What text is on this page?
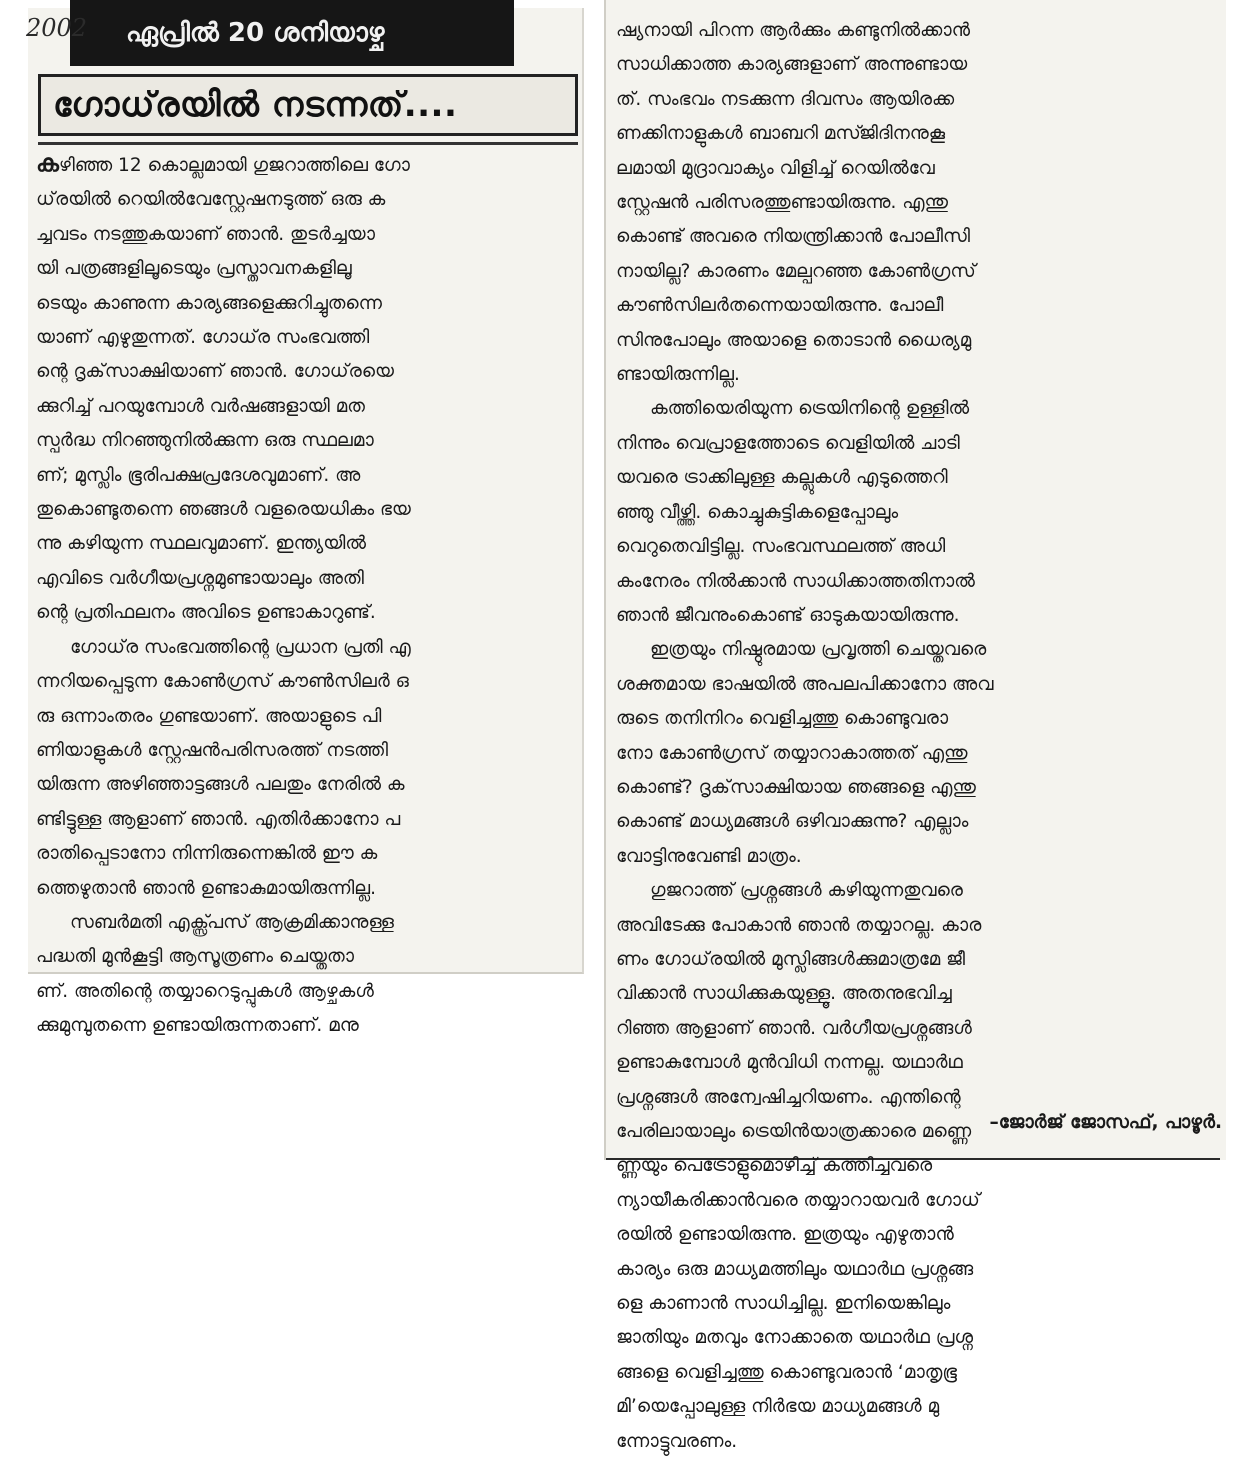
2002 ഏപ്രിൽ 20 ശനിയാഴ്ച
ഗോധ്‌രയിൽ നടന്നത്‌....

കഴിഞ്ഞ 12 കൊല്ലമായി ഗുജറാത്തിലെ ഗോ
ധ്‌രയിൽ റെയിൽവേസ്റ്റേഷനടുത്ത്‌ ഒരു ക
ച്ചവടം നടത്തുകയാണ്‌ ഞാൻ. തുടർച്ചയാ
യി പത്രങ്ങളിലൂടെയും പ്രസ്താവനകളിലൂ
ടെയും കാണുന്ന കാര്യങ്ങളെക്കുറിച്ചുതന്നെ
യാണ്‌ എഴുതുന്നത്‌. ഗോധ്‌ര സംഭവത്തി
ന്റെ ദൃക്‌സാക്ഷിയാണ്‌ ഞാൻ. ഗോധ്‌രയെ
ക്കുറിച്ച്‌ പറയുമ്പോൾ വർഷങ്ങളായി മത
സ്പർദ്ധ നിറഞ്ഞുനിൽക്കുന്ന ഒരു സ്ഥലമാ
ണ്‌; മുസ്ലിം ഭൂരിപക്ഷപ്രദേശവുമാണ്‌. അ
തുകൊണ്ടുതന്നെ ഞങ്ങൾ വളരെയധികം ഭയ
ന്നു കഴിയുന്ന സ്ഥലവുമാണ്‌. ഇന്ത്യയിൽ
എവിടെ വർഗീയപ്രശ്നമുണ്ടായാലും അതി
ന്റെ പ്രതിഫലനം അവിടെ ഉണ്ടാകാറുണ്ട്‌.

ഗോധ്‌ര സംഭവത്തിന്റെ പ്രധാന പ്രതി എ
ന്നറിയപ്പെടുന്ന കോൺഗ്രസ്‌ കൗൺസിലർ ഒ
രു ഒന്നാംതരം ഗുണ്ടയാണ്‌. അയാളുടെ പി
ണിയാളുകൾ സ്റ്റേഷൻപരിസരത്ത്‌ നടത്തി
യിരുന്ന അഴിഞ്ഞാട്ടങ്ങൾ പലതും നേരിൽ ക
ണ്ടിട്ടുള്ള ആളാണ്‌ ഞാൻ. എതിർക്കാനോ പ
രാതിപ്പെടാനോ നിന്നിരുന്നെങ്കിൽ ഈ ക
ത്തെഴുതാൻ ഞാൻ ഉണ്ടാകുമായിരുന്നില്ല.

സബർമതി എക്സ്പ്രസ്‌ ആക്രമിക്കാനുള്ള
പദ്ധതി മുൻകൂട്ടി ആസൂത്രണം ചെയ്തതാ
ണ്‌. അതിന്റെ തയ്യാറെടുപ്പുകൾ ആഴ്ചകൾ
ക്കുമുമ്പുതന്നെ ഉണ്ടായിരുന്നതാണ്‌. മനു

ഷ്യനായി പിറന്ന ആർക്കും കണ്ടുനിൽക്കാൻ
സാധിക്കാത്ത കാര്യങ്ങളാണ്‌ അന്നുണ്ടായ
ത്‌. സംഭവം നടക്കുന്ന ദിവസം ആയിരക്ക
ണക്കിനാളുകൾ ബാബറി മസ്ജിദിനനുകൂ
ലമായി മുദ്രാവാക്യം വിളിച്ച്‌ റെയിൽവേ
സ്റ്റേഷൻ പരിസരത്തുണ്ടായിരുന്നു. എന്തു
കൊണ്ട്‌ അവരെ നിയന്ത്രിക്കാൻ പോലീസി
നായില്ല? കാരണം മേല്പറഞ്ഞ കോൺഗ്രസ്‌
കൗൺസിലർതന്നെയായിരുന്നു. പോലീ
സിനുപോലും അയാളെ തൊടാൻ ധൈര്യമു
ണ്ടായിരുന്നില്ല.

കത്തിയെരിയുന്ന ട്രെയിനിന്റെ ഉള്ളിൽ
നിന്നും വെപ്രാളത്തോടെ വെളിയിൽ ചാടി
യവരെ ട്രാക്കിലുള്ള കല്ലുകൾ എടുത്തെറി
ഞ്ഞു വീഴ്ത്തി. കൊച്ചുകുട്ടികളെപ്പോലും
വെറുതെവിട്ടില്ല. സംഭവസ്ഥലത്ത്‌ അധി
കംനേരം നിൽക്കാൻ സാധിക്കാത്തതിനാൽ
ഞാൻ ജീവനുംകൊണ്ട്‌ ഓടുകയായിരുന്നു.

ഇത്രയും നിഷ്ഠുരമായ പ്രവൃത്തി ചെയ്തവരെ
ശക്തമായ ഭാഷയിൽ അപലപിക്കാനോ അവ
രുടെ തനിനിറം വെളിച്ചത്തു കൊണ്ടുവരാ
നോ കോൺഗ്രസ്‌ തയ്യാറാകാത്തത്‌ എന്തു
കൊണ്ട്‌? ദൃക്‌സാക്ഷിയായ ഞങ്ങളെ എന്തു
കൊണ്ട്‌ മാധ്യമങ്ങൾ ഒഴിവാക്കുന്നു? എല്ലാം
വോട്ടിനുവേണ്ടി മാത്രം.

ഗുജറാത്ത്‌ പ്രശ്നങ്ങൾ കഴിയുന്നതുവരെ
അവിടേക്കു പോകാൻ ഞാൻ തയ്യാറല്ല. കാര
ണം ഗോധ്‌രയിൽ മുസ്ലിങ്ങൾക്കുമാത്രമേ ജീ
വിക്കാൻ സാധിക്കുകയുള്ളൂ. അതനുഭവിച്ച
റിഞ്ഞ ആളാണ്‌ ഞാൻ. വർഗീയപ്രശ്നങ്ങൾ
ഉണ്ടാകുമ്പോൾ മുൻവിധി നന്നല്ല. യഥാർഥ
പ്രശ്നങ്ങൾ അന്വേഷിച്ചറിയണം. എന്തിന്റെ
പേരിലായാലും ട്രെയിൻയാത്രക്കാരെ മണ്ണെ
ണ്ണയും പെട്രോളുമൊഴിച്ച്‌ കത്തിച്ചവരെ
ന്യായീകരിക്കാൻവരെ തയ്യാറായവർ ഗോധ്‌
രയിൽ ഉണ്ടായിരുന്നു. ഇത്രയും എഴുതാൻ
കാര്യം ഒരു മാധ്യമത്തിലും യഥാർഥ പ്രശ്നങ്ങ
ളെ കാണാൻ സാധിച്ചില്ല. ഇനിയെങ്കിലും
ജാതിയും മതവും നോക്കാതെ യഥാർഥ പ്രശ്ന
ങ്ങളെ വെളിച്ചത്തു കൊണ്ടുവരാൻ ‘മാതൃഭൂ
മി’യെപ്പോലുള്ള നിർഭയ മാധ്യമങ്ങൾ മു
ന്നോട്ടുവരണം.

–ജോർജ്‌ ജോസഫ്‌, പാഴൂർ.
